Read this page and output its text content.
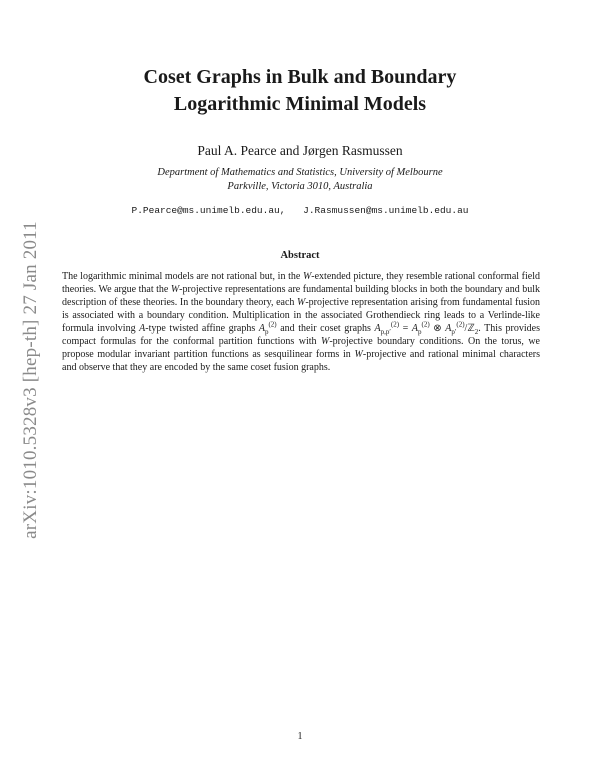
arXiv:1010.5328v3 [hep-th] 27 Jan 2011
Coset Graphs in Bulk and Boundary
Logarithmic Minimal Models
Paul A. Pearce and Jørgen Rasmussen
Department of Mathematics and Statistics, University of Melbourne
Parkville, Victoria 3010, Australia
P.Pearce@ms.unimelb.edu.au, J.Rasmussen@ms.unimelb.edu.au
Abstract

The logarithmic minimal models are not rational but, in the W-extended picture, they resemble rational conformal field theories. We argue that the W-projective representations are fundamental building blocks in both the boundary and bulk description of these theories. In the boundary theory, each W-projective representation arising from fundamental fusion is associated with a boundary condition. Multiplication in the associated Grothendieck ring leads to a Verlinde-like formula involving A-type twisted affine graphs $A_p^{(2)}$ and their coset graphs $A_{p,p'}^{(2)} = A_p^{(2)}$ ⊗ $A_{p'}^{(2)}/ℤ_2$. This provides compact formulas for the conformal partition functions with W-projective boundary conditions. On the torus, we propose modular invariant partition functions as sesquilinear forms in W-projective and rational minimal characters and observe that they are encoded by the same coset fusion graphs.

1
